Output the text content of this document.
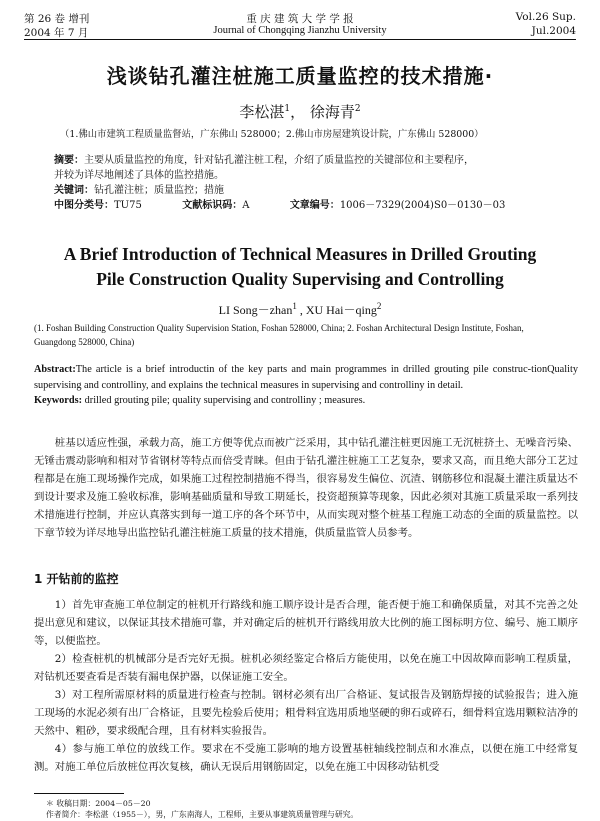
第 26 卷 增刊	重 庆 建 筑 大 学 学 报	Vol.26 Sup.
2004 年 7 月	Journal of Chongqing Jianzhu University	Jul.2004
浅谈钻孔灌注桩施工质量监控的技术措施·
李松湛$^1$， 徐海青$^2$
（1.佛山市建筑工程质量监督站，广东佛山 528000；2.佛山市房屋建筑设计院，广东佛山 528000）
摘要：主要从质量监控的角度，针对钻孔灌注桩工程，介绍了质量监控的关键部位和主要程序，
并较为详尽地阐述了具体的监控措施。
关键词：钻孔灌注桩；质量监控；措施
中图分类号：TU75	文献标识码：A	文章编号：1006－7329(2004)S0－0130－03
A Brief Introduction of Technical Measures in Drilled Grouting
Pile Construction Quality Supervising and Controlling
LI Song－zhan$^1$ , XU Hai－qing$^2$
(1. Foshan Building Construction Quality Supervision Station, Foshan 528000, China; 2. Foshan Architectural Design Institute, Foshan,
Guangdong 528000, China)
Abstract:The article is a brief introductin of the key parts and main programmes in drilled grouting pile construc-tionQuality supervising and controlliny, and explains the technical measures in supervising and controlliny in detail.
Keywords: drilled grouting pile; quality supervising and controlliny ; measures.

桩基以适应性强，承载力高，施工方便等优点而被广泛采用，其中钻孔灌注桩更因施工无沉桩挤土、无噪音污染、无锤击震动影响和相对节省钢材等特点而倍受青睐。但由于钻孔灌注桩施工工艺复杂，要求又高，而且绝大部分工艺过程都是在施工现场操作完成，如果施工过程控制措施不得当，很容易发生偏位、沉渣、钢筋移位和混凝土灌注质量达不到设计要求及施工验收标准，影响基础质量和导致工期延长，投资超预算等现象，因此必须对其施工质量采取一系列技术措施进行控制，并应认真落实到每一道工序的各个环节中，从而实现对整个桩基工程施工动态的全面的质量监控。以下章节较为详尽地导出监控钻孔灌注桩施工质量的技术措施，供质量监管人员参考。

1 开钻前的监控

1）首先审查施工单位制定的桩机开行路线和施工顺序设计是否合理，能否便于施工和确保质量，对其不完善之处提出意见和建议，以保证其技术措施可靠，并对确定后的桩机开行路线用放大比例的施工图标明方位、编号、施工顺序等，以便监控。

2）检查桩机的机械部分是否完好无损。桩机必须经鉴定合格后方能使用，以免在施工中因故障而影响工程质量，对钻机还要查看是否装有漏电保护器，以保证施工安全。

3）对工程所需原材料的质量进行检查与控制。钢材必须有出厂合格证、复试报告及钢筋焊接的试验报告；进入施工现场的水泥必须有出厂合格证，且要先检验后使用；粗骨料宜选用质地坚硬的卵石或碎石，细骨料宜选用颗粒洁净的天然中、粗砂，要求级配合理，且有材料实验报告。

4）参与施工单位的放线工作。要求在不受施工影响的地方设置基桩轴线控制点和水准点，以便在施工中经常复测。对施工单位后放桩位再次复核，确认无误后用钢筋固定，以免在施工中因移动钻机受

＊ 收稿日期：2004－05－20
作者简介：李松湛（1955－），男，广东南海人，工程师，主要从事建筑质量管理与研究。
